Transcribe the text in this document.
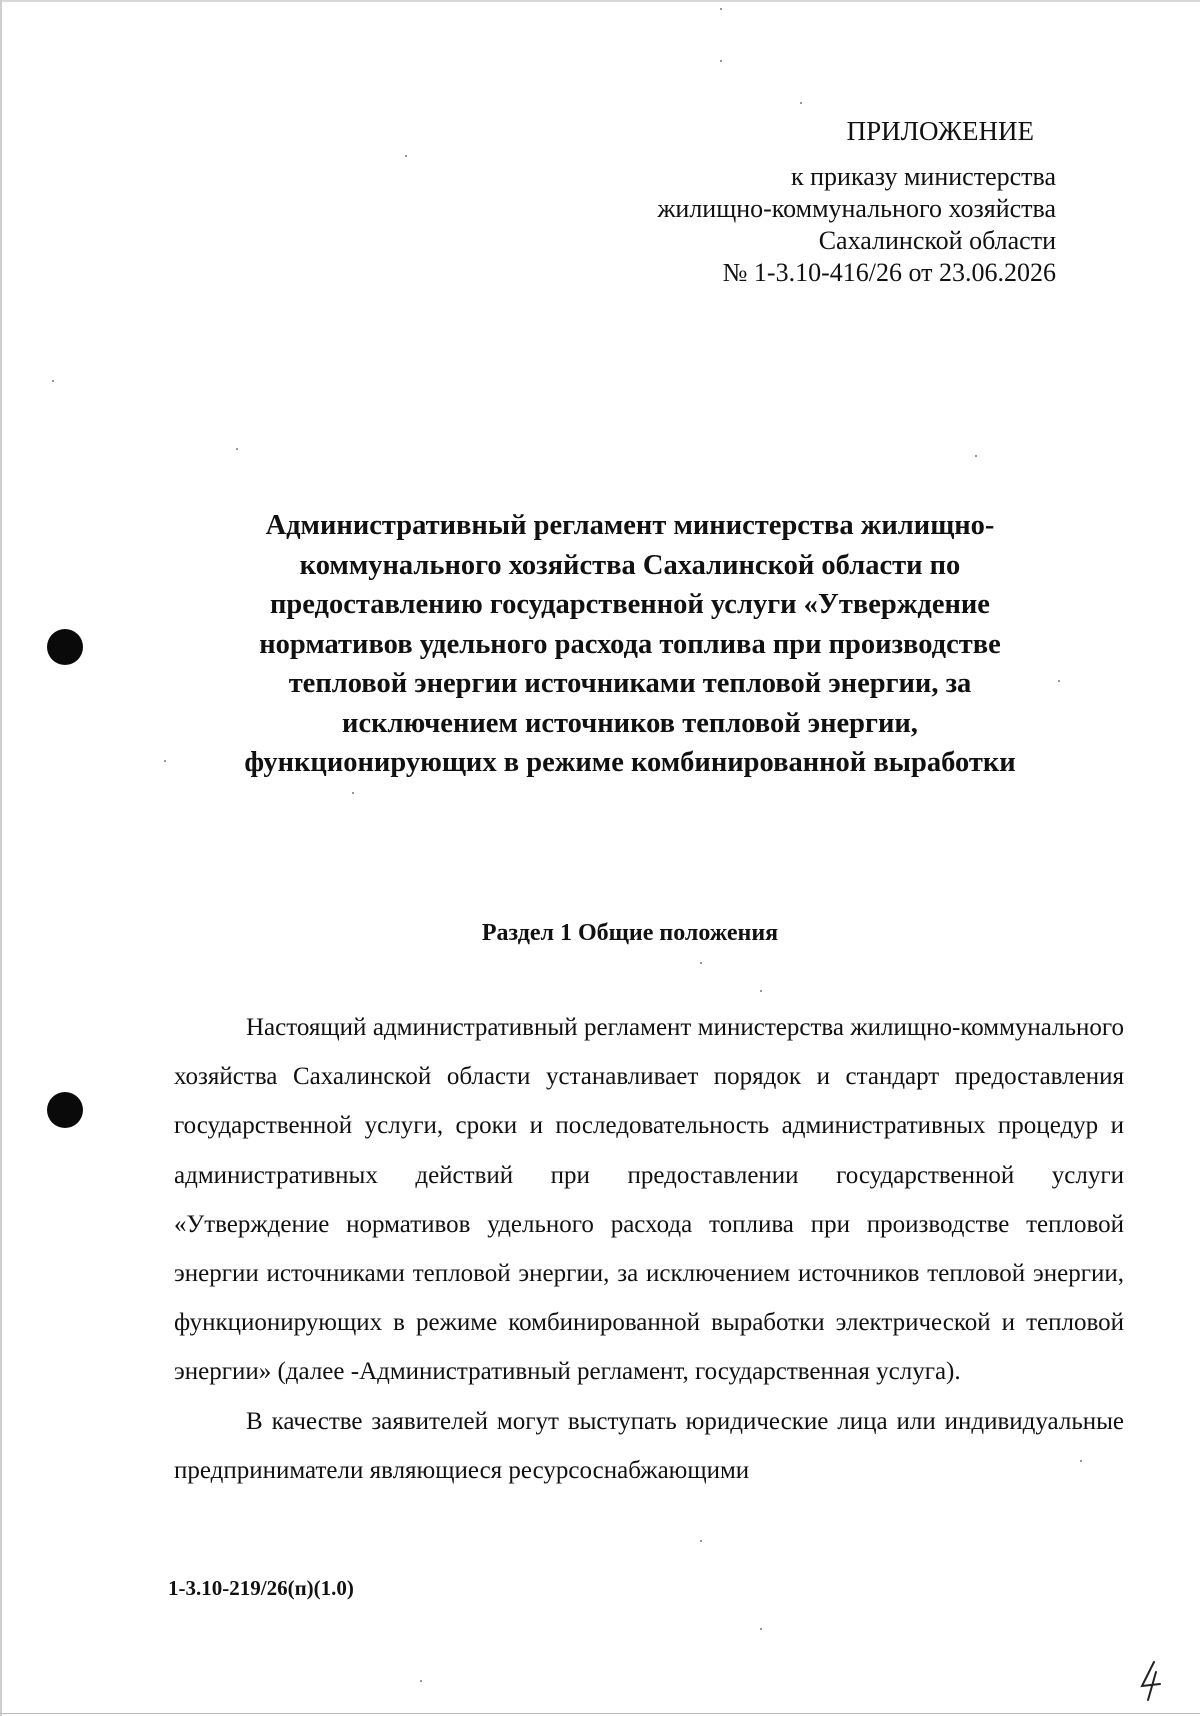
ПРИЛОЖЕНИЕ
к приказу министерства
жилищно-коммунального хозяйства
Сахалинской области
№ 1-3.10-416/26 от 23.06.2026
Административный регламент министерства жилищно-
коммунального хозяйства Сахалинской области по
предоставлению государственной услуги «Утверждение
нормативов удельного расхода топлива при производстве
тепловой энергии источниками тепловой энергии, за
исключением источников тепловой энергии,
функционирующих в режиме комбинированной выработки
Раздел 1 Общие положения

Настоящий административный регламент министерства жилищно-коммунального хозяйства Сахалинской области устанавливает порядок и стандарт предоставления государственной услуги, сроки и последовательность административных процедур и административных действий при предоставлении государственной услуги «Утверждение нормативов удельного расхода топлива при производстве тепловой энергии источниками тепловой энергии, за исключением источников тепловой энергии, функционирующих в режиме комбинированной выработки электрической и тепловой энергии» (далее -Административный регламент, государственная услуга).

В качестве заявителей могут выступать юридические лица или индивидуальные предприниматели являющиеся ресурсоснабжающими

1-3.10-219/26(п)(1.0)
